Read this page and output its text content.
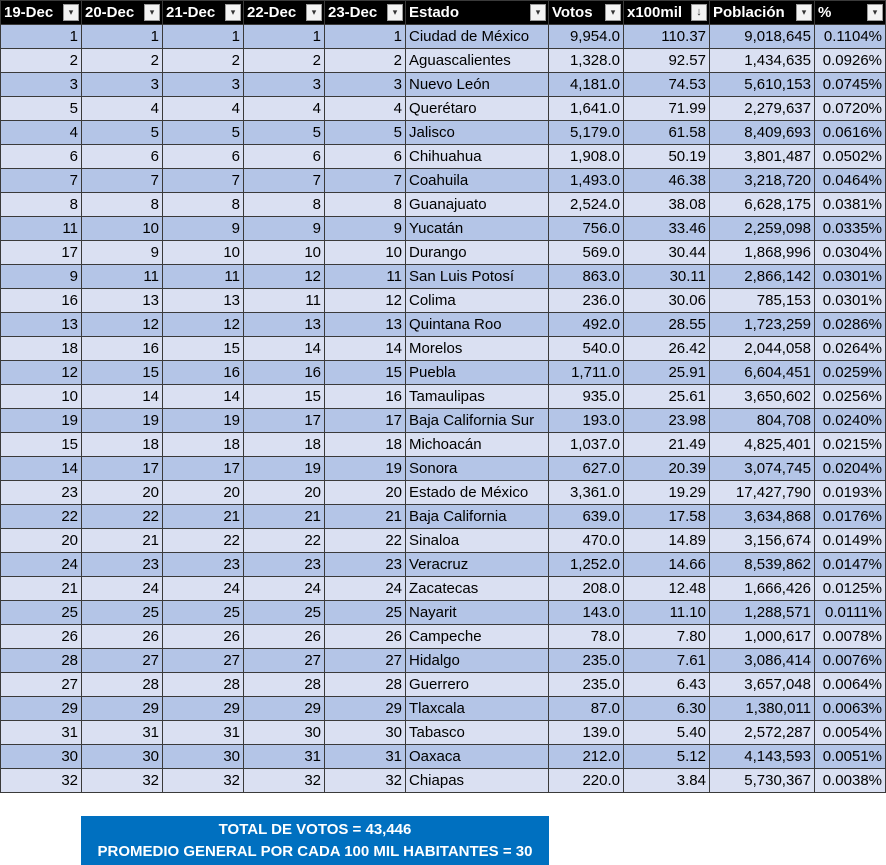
19-Dec ▾	20-Dec ▾	21-Dec ▾	22-Dec ▾	23-Dec ▾	Estado ▾	Votos ▾	x100mil ↓	Población ▾	% ▾

1	1	1	1	1	Ciudad de México	9,954.0	110.37	9,018,645	0.1104%
2	2	2	2	2	Aguascalientes	1,328.0	92.57	1,434,635	0.0926%
3	3	3	3	3	Nuevo León	4,181.0	74.53	5,610,153	0.0745%
5	4	4	4	4	Querétaro	1,641.0	71.99	2,279,637	0.0720%
4	5	5	5	5	Jalisco	5,179.0	61.58	8,409,693	0.0616%
6	6	6	6	6	Chihuahua	1,908.0	50.19	3,801,487	0.0502%
7	7	7	7	7	Coahuila	1,493.0	46.38	3,218,720	0.0464%
8	8	8	8	8	Guanajuato	2,524.0	38.08	6,628,175	0.0381%
11	10	9	9	9	Yucatán	756.0	33.46	2,259,098	0.0335%
17	9	10	10	10	Durango	569.0	30.44	1,868,996	0.0304%
9	11	11	12	11	San Luis Potosí	863.0	30.11	2,866,142	0.0301%
16	13	13	11	12	Colima	236.0	30.06	785,153	0.0301%
13	12	12	13	13	Quintana Roo	492.0	28.55	1,723,259	0.0286%
18	16	15	14	14	Morelos	540.0	26.42	2,044,058	0.0264%
12	15	16	16	15	Puebla	1,711.0	25.91	6,604,451	0.0259%
10	14	14	15	16	Tamaulipas	935.0	25.61	3,650,602	0.0256%
19	19	19	17	17	Baja California Sur	193.0	23.98	804,708	0.0240%
15	18	18	18	18	Michoacán	1,037.0	21.49	4,825,401	0.0215%
14	17	17	19	19	Sonora	627.0	20.39	3,074,745	0.0204%
23	20	20	20	20	Estado de México	3,361.0	19.29	17,427,790	0.0193%
22	22	21	21	21	Baja California	639.0	17.58	3,634,868	0.0176%
20	21	22	22	22	Sinaloa	470.0	14.89	3,156,674	0.0149%
24	23	23	23	23	Veracruz	1,252.0	14.66	8,539,862	0.0147%
21	24	24	24	24	Zacatecas	208.0	12.48	1,666,426	0.0125%
25	25	25	25	25	Nayarit	143.0	11.10	1,288,571	0.0111%
26	26	26	26	26	Campeche	78.0	7.80	1,000,617	0.0078%
28	27	27	27	27	Hidalgo	235.0	7.61	3,086,414	0.0076%
27	28	28	28	28	Guerrero	235.0	6.43	3,657,048	0.0064%
29	29	29	29	29	Tlaxcala	87.0	6.30	1,380,011	0.0063%
31	31	31	30	30	Tabasco	139.0	5.40	2,572,287	0.0054%
30	30	30	31	31	Oaxaca	212.0	5.12	4,143,593	0.0051%
32	32	32	32	32	Chiapas	220.0	3.84	5,730,367	0.0038%
TOTAL DE VOTOS = 43,446
PROMEDIO GENERAL POR CADA 100 MIL HABITANTES = 30
